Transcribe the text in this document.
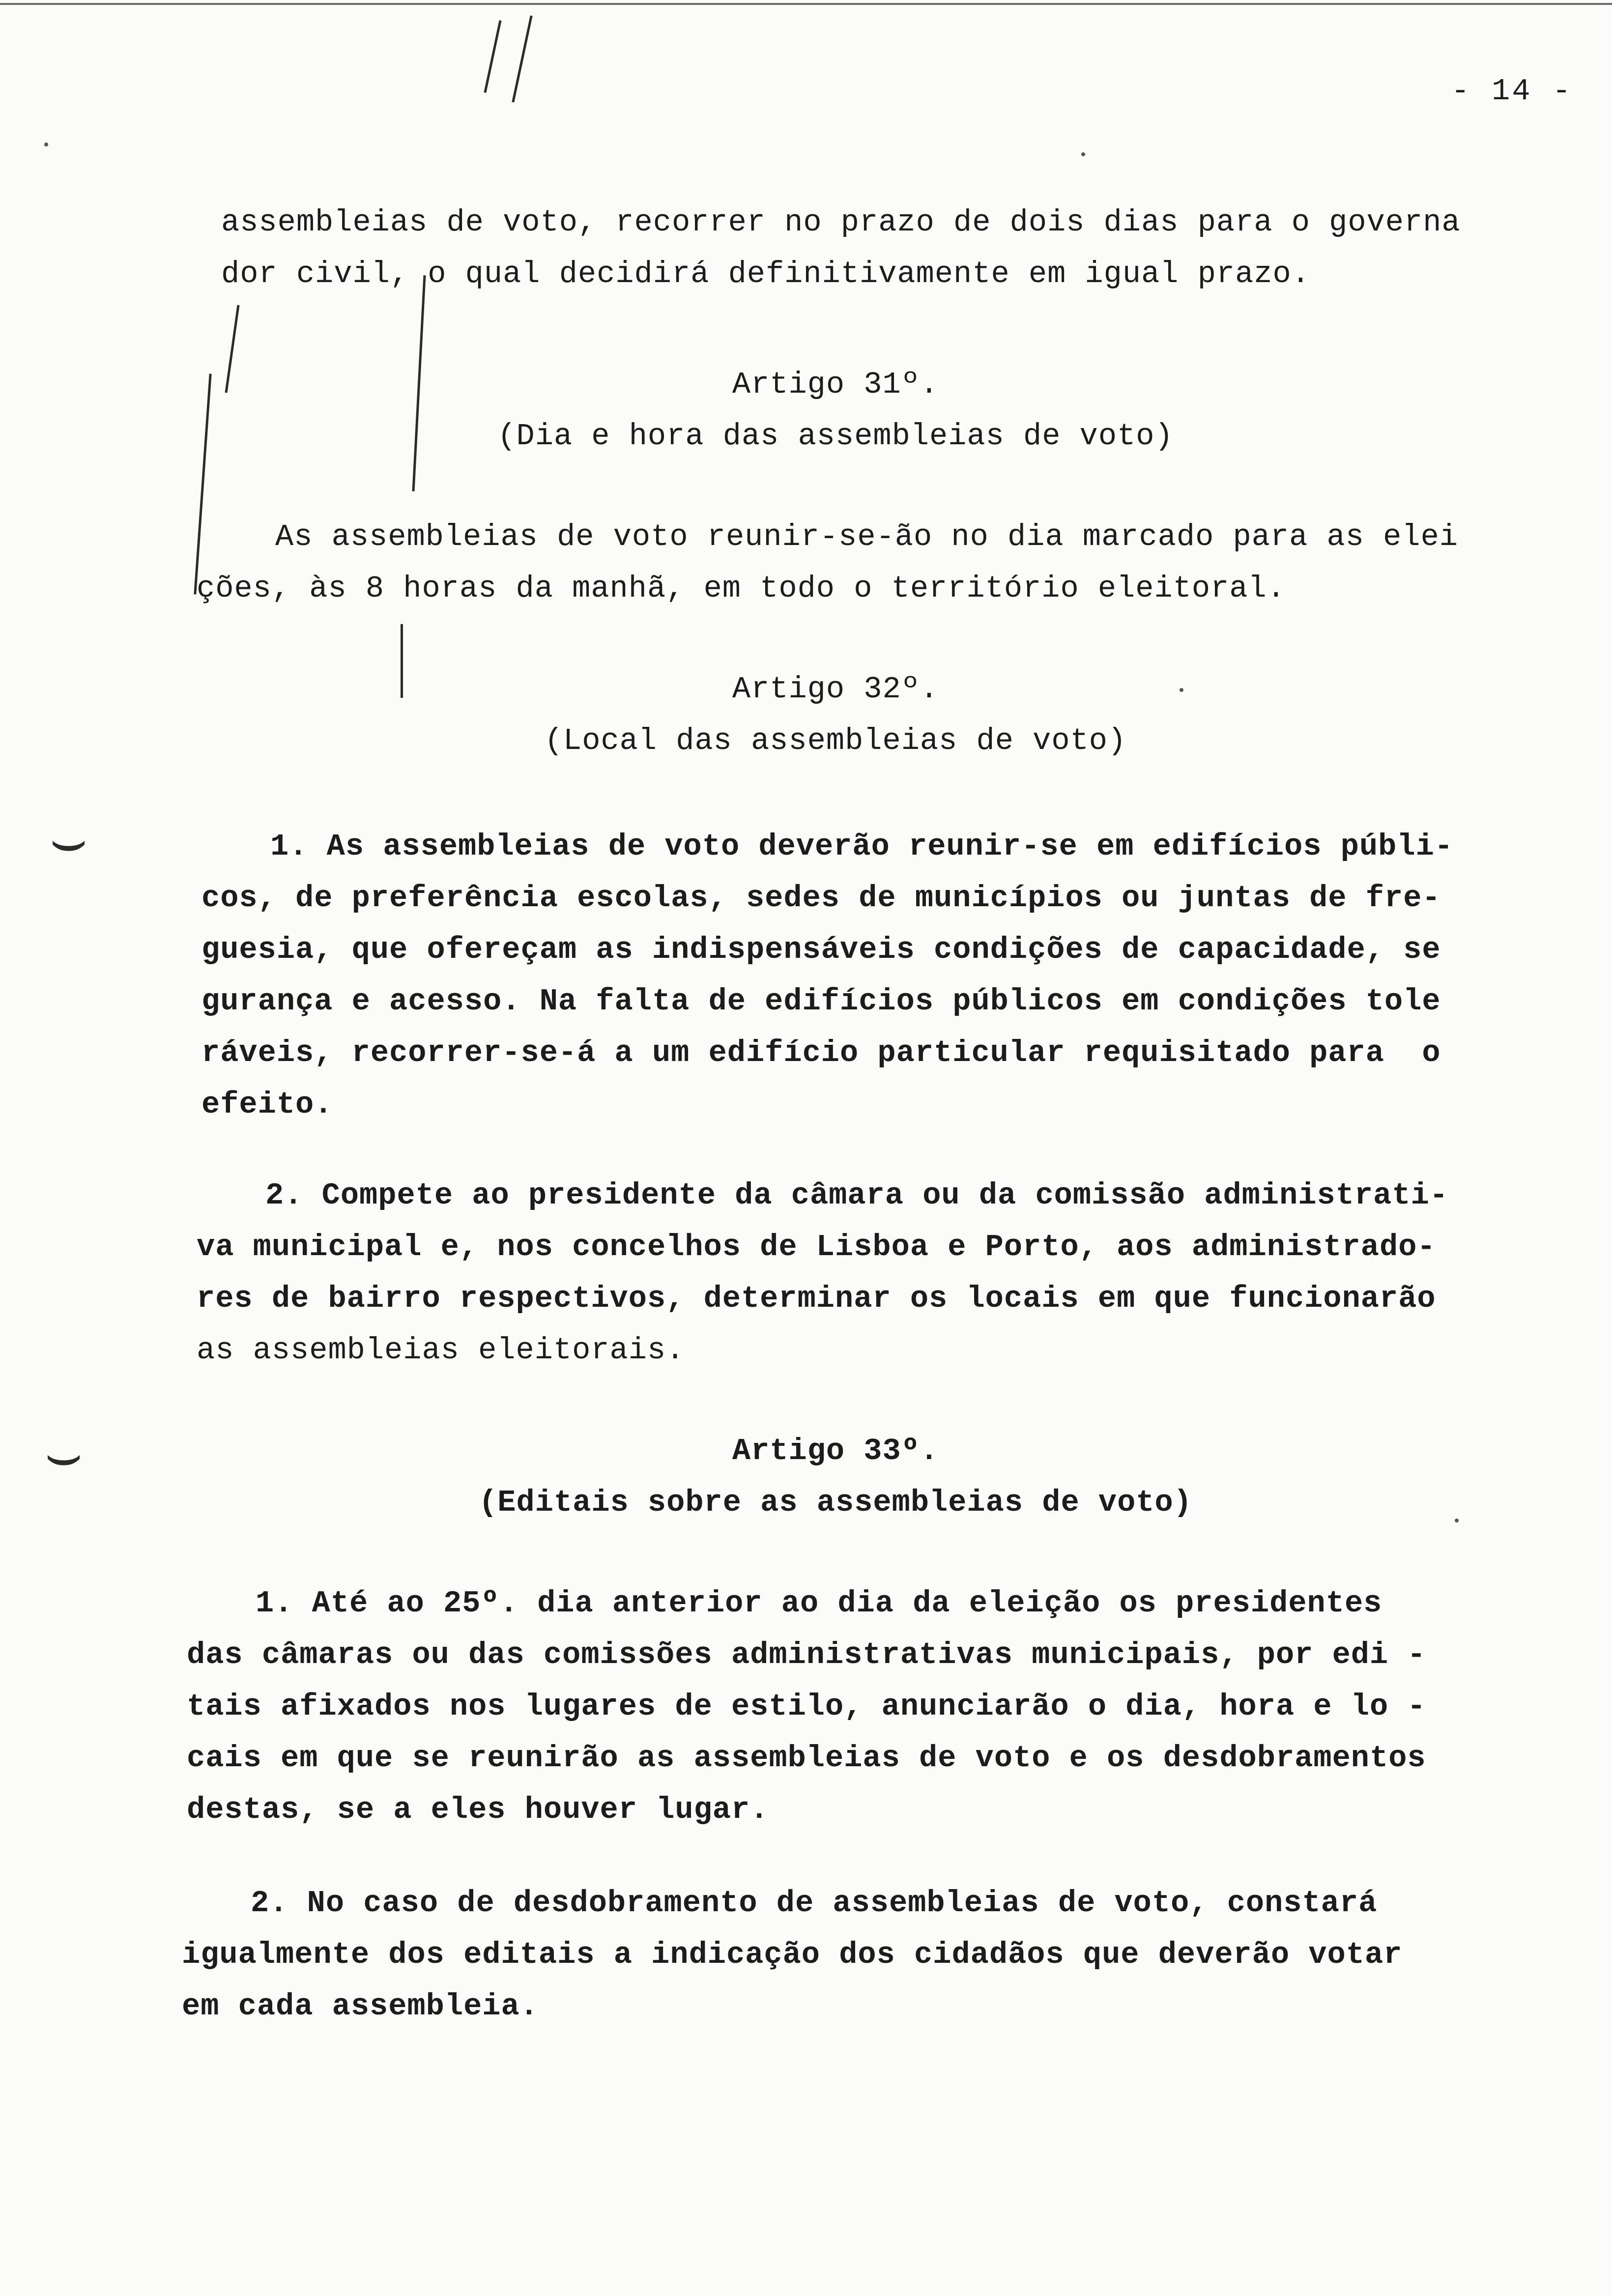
⌣
⌣
- 14 -
assembleias de voto, recorrer no prazo de dois dias para o governa
dor civil, o qual decidirá definitivamente em igual prazo.
Artigo 31º.
(Dia e hora das assembleias de voto)
As assembleias de voto reunir-se-ão no dia marcado para as elei
ções, às 8 horas da manhã, em todo o território eleitoral.
Artigo 32º.
(Local das assembleias de voto)
1. As assembleias de voto deverão reunir-se em edifícios públi-
cos, de preferência escolas, sedes de municípios ou juntas de fre-
guesia, que ofereçam as indispensáveis condições de capacidade, se
gurança e acesso. Na falta de edifícios públicos em condições tole
ráveis, recorrer-se-á a um edifício particular requisitado para  o
efeito.
2. Compete ao presidente da câmara ou da comissão administrati-
va municipal e, nos concelhos de Lisboa e Porto, aos administrado-
res de bairro respectivos, determinar os locais em que funcionarão
as assembleias eleitorais.
Artigo 33º.
(Editais sobre as assembleias de voto)
1. Até ao 25º. dia anterior ao dia da eleição os presidentes
das câmaras ou das comissões administrativas municipais, por edi -
tais afixados nos lugares de estilo, anunciarão o dia, hora e lo -
cais em que se reunirão as assembleias de voto e os desdobramentos
destas, se a eles houver lugar.
2. No caso de desdobramento de assembleias de voto, constará
igualmente dos editais a indicação dos cidadãos que deverão votar
em cada assembleia.
